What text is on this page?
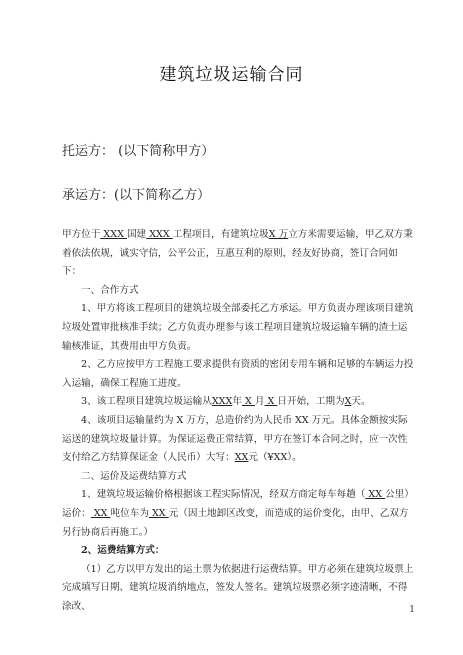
建筑垃圾运输合同
托运方： (以下简称甲方）
承运方：(以下简称乙方）

甲方位于 XXX 国建 XXX 工程项目，有建筑垃圾X 万立方米需要运输，甲乙双方秉着依法依规，诚实守信，公平公正，互惠互利的原则，经友好协商，签订合同如下：

一、合作方式

1、甲方将该工程项目的建筑垃圾全部委托乙方承运。甲方负责办理该项目建筑垃圾处置审批核准手续；乙方负责办理参与该工程项目建筑垃圾运输车辆的渣土运输核准证，其费用由甲方负责。

2、乙方应按甲方工程施工要求提供有资质的密闭专用车辆和足够的车辆运力投入运输，确保工程施工进度。

3、该工程项目建筑垃圾运输从XXX年 X 月 X 日开始，工期为X天。

4、该项目运输量约为 X 万方，总造价约为人民币 XX 万元。具体金额按实际运送的建筑垃圾量计算。为保证运费正常结算，甲方在签订本合同之时，应一次性支付给乙方结算保证金（人民币）大写：XX元（¥XX）。

二、运价及运费结算方式

1、建筑垃圾运输价格根据该工程实际情况，经双方商定每车每趟（ XX 公里）运价： XX 吨位车为 XX 元（因土地卸区改变，而造成的运价变化，由甲、乙双方另行协商后再施工。）

2、运费结算方式：

（1）乙方以甲方发出的运土票为依据进行运费结算。甲方必须在建筑垃圾票上完成填写日期、建筑垃圾消纳地点，签发人签名。建筑垃圾票必须字迹清晰，不得涂改、	1
